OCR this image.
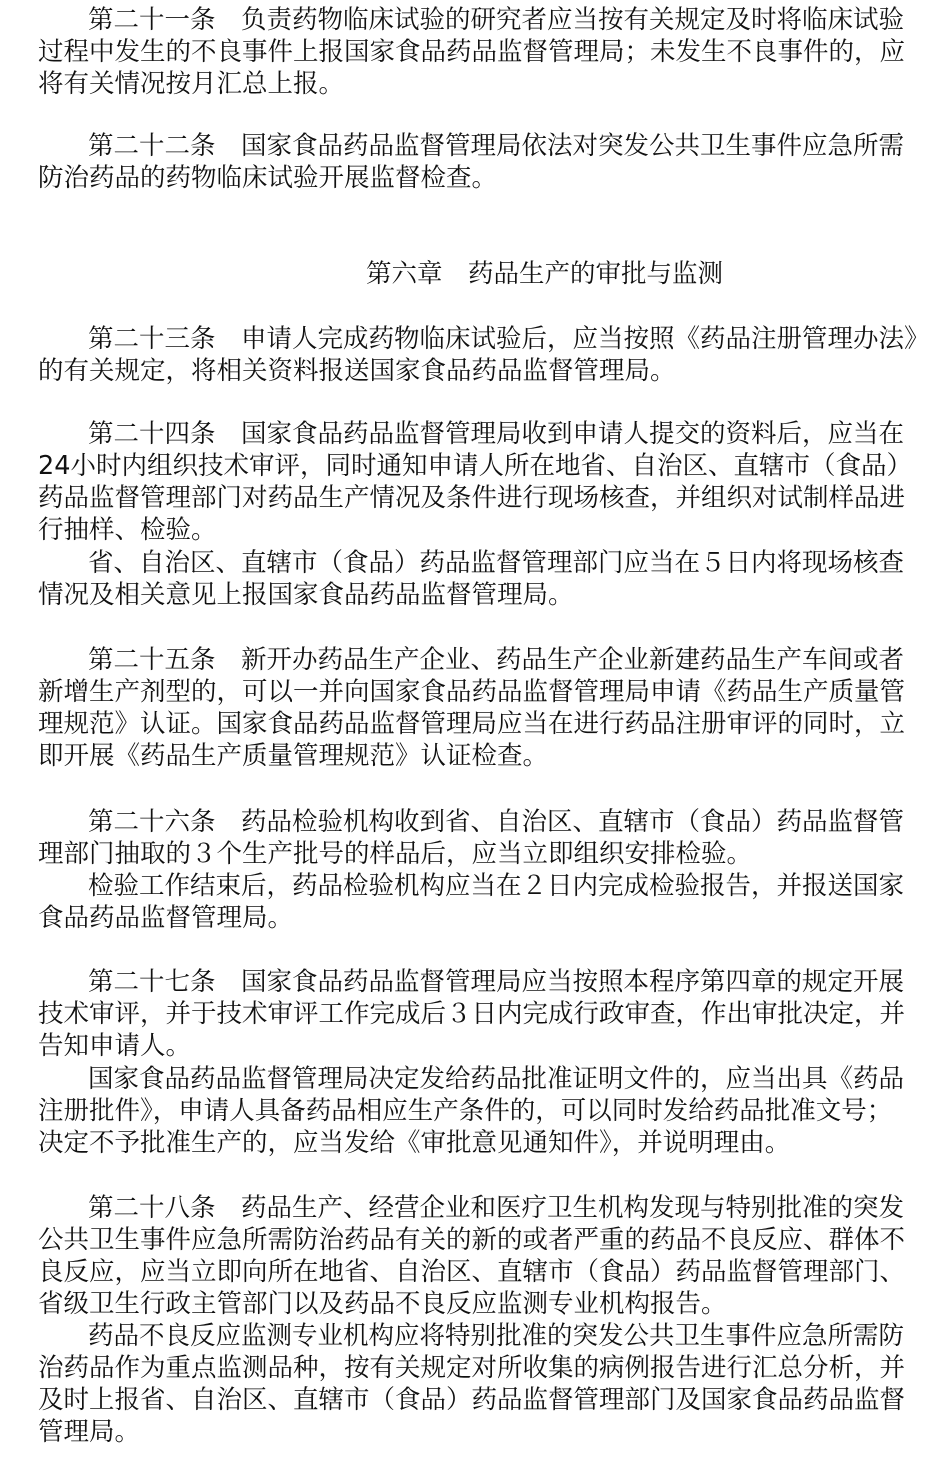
第二十一条　负责药物临床试验的研究者应当按有关规定及时将临床试验
过程中发生的不良事件上报国家食品药品监督管理局；未发生不良事件的，应
将有关情况按月汇总上报。
第二十二条　国家食品药品监督管理局依法对突发公共卫生事件应急所需
防治药品的药物临床试验开展监督检查。
第六章　药品生产的审批与监测
第二十三条　申请人完成药物临床试验后，应当按照《药品注册管理办法》
的有关规定，将相关资料报送国家食品药品监督管理局。
第二十四条　国家食品药品监督管理局收到申请人提交的资料后，应当在
24小时内组织技术审评，同时通知申请人所在地省、自治区、直辖市（食品）
药品监督管理部门对药品生产情况及条件进行现场核查，并组织对试制样品进
行抽样、检验。
省、自治区、直辖市（食品）药品监督管理部门应当在５日内将现场核查
情况及相关意见上报国家食品药品监督管理局。
第二十五条　新开办药品生产企业、药品生产企业新建药品生产车间或者
新增生产剂型的，可以一并向国家食品药品监督管理局申请《药品生产质量管
理规范》认证。国家食品药品监督管理局应当在进行药品注册审评的同时，立
即开展《药品生产质量管理规范》认证检查。
第二十六条　药品检验机构收到省、自治区、直辖市（食品）药品监督管
理部门抽取的３个生产批号的样品后，应当立即组织安排检验。
检验工作结束后，药品检验机构应当在２日内完成检验报告，并报送国家
食品药品监督管理局。
第二十七条　国家食品药品监督管理局应当按照本程序第四章的规定开展
技术审评，并于技术审评工作完成后３日内完成行政审查，作出审批决定，并
告知申请人。
国家食品药品监督管理局决定发给药品批准证明文件的，应当出具《药品
注册批件》，申请人具备药品相应生产条件的，可以同时发给药品批准文号；
决定不予批准生产的，应当发给《审批意见通知件》，并说明理由。
第二十八条　药品生产、经营企业和医疗卫生机构发现与特别批准的突发
公共卫生事件应急所需防治药品有关的新的或者严重的药品不良反应、群体不
良反应，应当立即向所在地省、自治区、直辖市（食品）药品监督管理部门、
省级卫生行政主管部门以及药品不良反应监测专业机构报告。
药品不良反应监测专业机构应将特别批准的突发公共卫生事件应急所需防
治药品作为重点监测品种，按有关规定对所收集的病例报告进行汇总分析，并
及时上报省、自治区、直辖市（食品）药品监督管理部门及国家食品药品监督
管理局。
